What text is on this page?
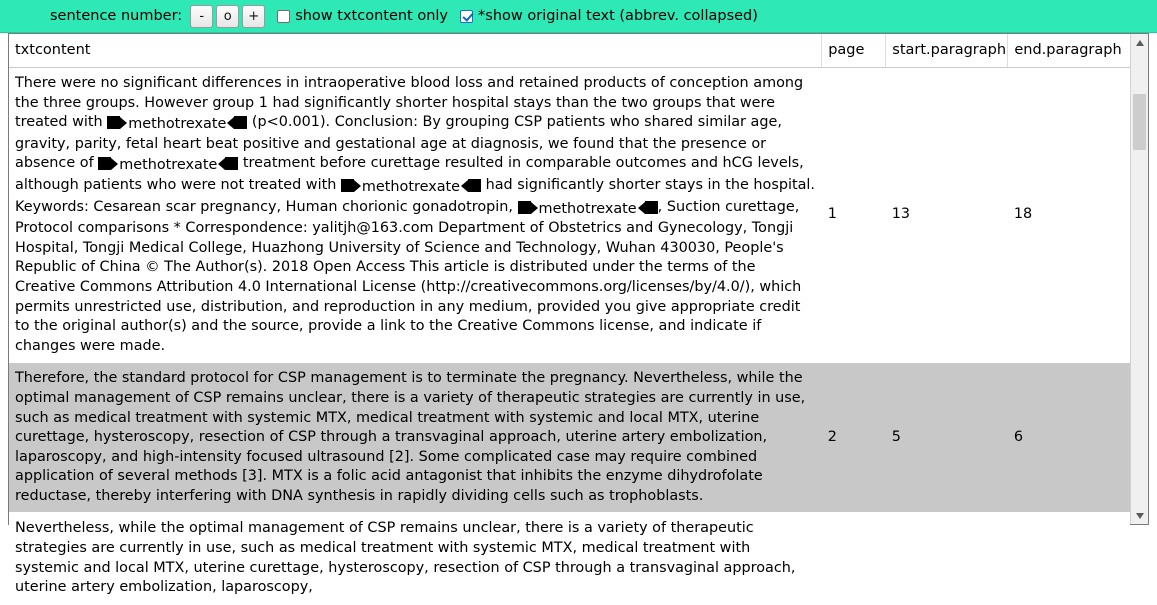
sentence number:	-	o	+	show txtcontent only *show original text (abbrev. collapsed)
txtcontent	page	start.paragraph	end.paragraph
There were no significant differences in intraoperative blood loss and retained products of conception among the three groups. However group 1 had significantly shorter hospital stays than the two groups that were treated with methotrexate (p<0.001). Conclusion: By grouping CSP patients who shared similar age, gravity, parity, fetal heart beat positive and gestational age at diagnosis, we found that the presence or absence of methotrexate treatment before curettage resulted in comparable outcomes and hCG levels, although patients who were not treated with methotrexate had significantly shorter stays in the hospital. Keywords: Cesarean scar pregnancy, Human chorionic gonadotropin, methotrexate , Suction curettage, Protocol comparisons * Correspondence: yalitjh@163.com Department of Obstetrics and Gynecology, Tongji Hospital, Tongji Medical College, Huazhong University of Science and Technology, Wuhan 430030, People's Republic of China © The Author(s). 2018 Open Access This article is distributed under the terms of the Creative Commons Attribution 4.0 International License (http://creativecommons.org/licenses/by/4.0/), which permits unrestricted use, distribution, and reproduction in any medium, provided you give appropriate credit to the original author(s) and the source, provide a link to the Creative Commons license, and indicate if changes were made.	1	13	18
Therefore, the standard protocol for CSP management is to terminate the pregnancy. Nevertheless, while the optimal management of CSP remains unclear, there is a variety of therapeutic strategies are currently in use, such as medical treatment with systemic MTX, medical treatment with systemic and local MTX, uterine curettage, hysteroscopy, resection of CSP through a transvaginal approach, uterine artery embolization, laparoscopy, and high-intensity focused ultrasound [2]. Some complicated case may require combined application of several methods [3]. MTX is a folic acid antagonist that inhibits the enzyme dihydrofolate reductase, thereby interfering with DNA synthesis in rapidly dividing cells such as trophoblasts.	2	5	6
Nevertheless, while the optimal management of CSP remains unclear, there is a variety of therapeutic strategies are currently in use, such as medical treatment with systemic MTX, medical treatment with systemic and local MTX, uterine curettage, hysteroscopy, resection of CSP through a transvaginal approach, uterine artery embolization, laparoscopy,			
